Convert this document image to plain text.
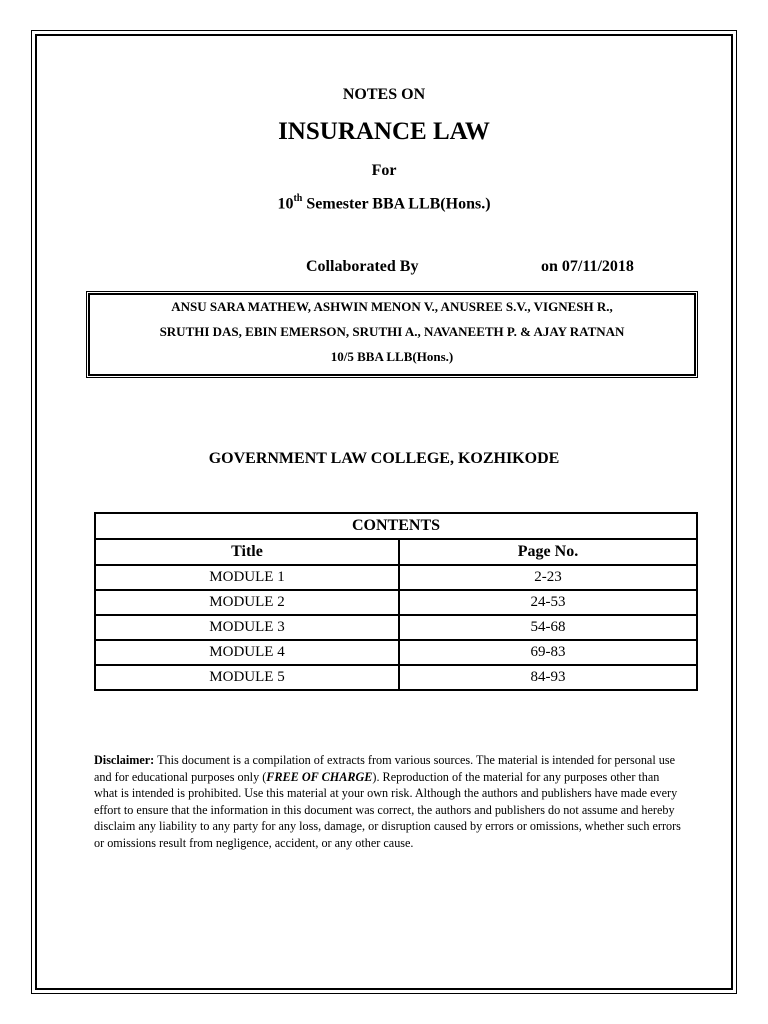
NOTES ON
INSURANCE LAW
For
10th Semester BBA LLB(Hons.)
Collaborated By	on 07/11/2018
ANSU SARA MATHEW, ASHWIN MENON V., ANUSREE S.V., VIGNESH R.,
SRUTHI DAS, EBIN EMERSON, SRUTHI A., NAVANEETH P. & AJAY RATNAN
10/5 BBA LLB(Hons.)
GOVERNMENT LAW COLLEGE, KOZHIKODE
CONTENTS	
Title	Page No.
MODULE 1	2-23
MODULE 2	24-53
MODULE 3	54-68
MODULE 4	69-83
MODULE 5	84-93
Disclaimer: This document is a compilation of extracts from various sources. The material is intended for personal use and for educational purposes only (FREE OF CHARGE). Reproduction of the material for any purposes other than what is intended is prohibited. Use this material at your own risk. Although the authors and publishers have made every effort to ensure that the information in this document was correct, the authors and publishers do not assume and hereby disclaim any liability to any party for any loss, damage, or disruption caused by errors or omissions, whether such errors or omissions result from negligence, accident, or any other cause.
